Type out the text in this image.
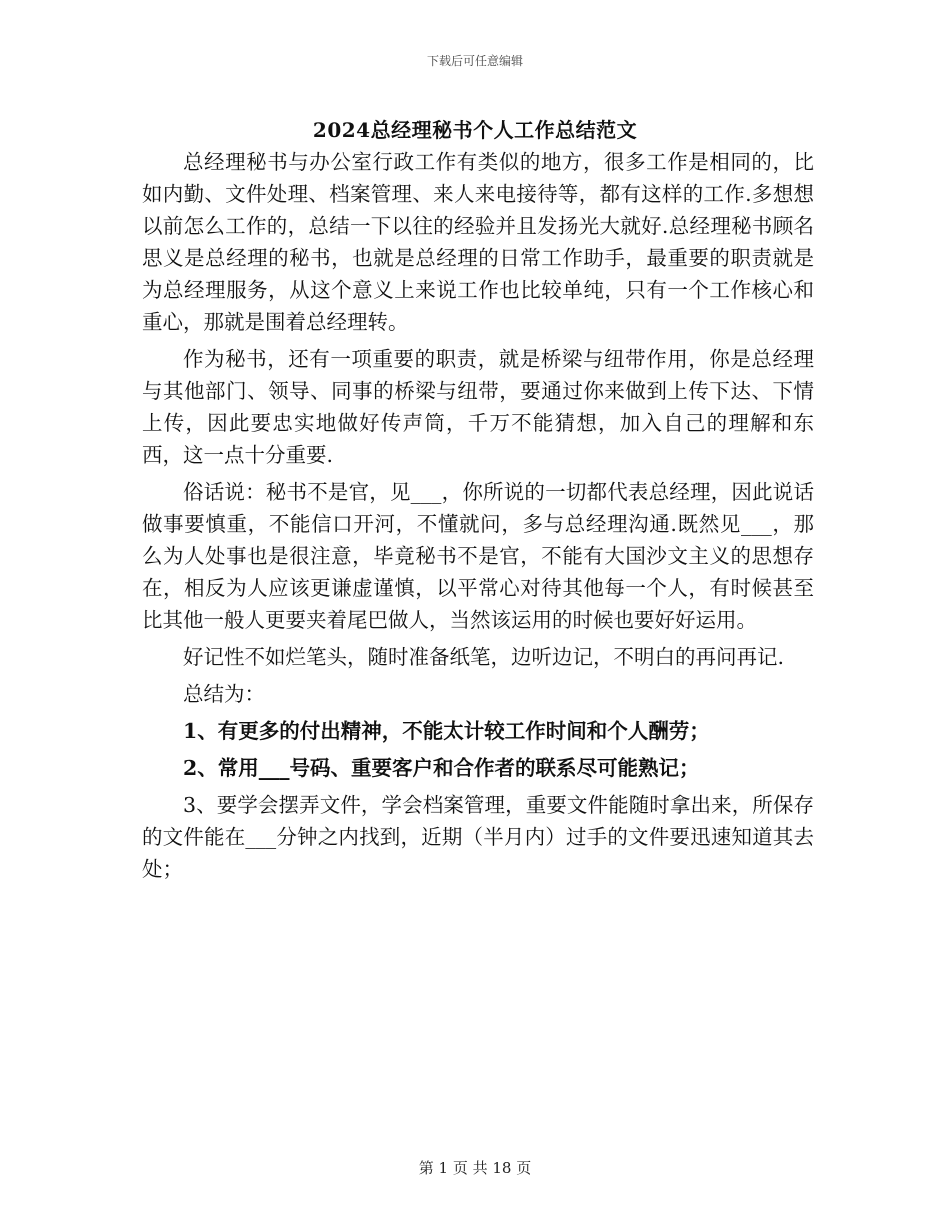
下载后可任意编辑
2024总经理秘书个人工作总结范文

总经理秘书与办公室行政工作有类似的地方，很多工作是相同的，比如内勤、文件处理、档案管理、来人来电接待等，都有这样的工作.多想想以前怎么工作的，总结一下以往的经验并且发扬光大就好.总经理秘书顾名思义是总经理的秘书，也就是总经理的日常工作助手，最重要的职责就是为总经理服务，从这个意义上来说工作也比较单纯，只有一个工作核心和重心，那就是围着总经理转。

作为秘书，还有一项重要的职责，就是桥梁与纽带作用，你是总经理与其他部门、领导、同事的桥梁与纽带，要通过你来做到上传下达、下情上传，因此要忠实地做好传声筒，千万不能猜想，加入自己的理解和东西，这一点十分重要.

俗话说：秘书不是官，见___，你所说的一切都代表总经理，因此说话做事要慎重，不能信口开河，不懂就问，多与总经理沟通.既然见___，那么为人处事也是很注意，毕竟秘书不是官，不能有大国沙文主义的思想存在，相反为人应该更谦虚谨慎，以平常心对待其他每一个人，有时候甚至比其他一般人更要夹着尾巴做人，当然该运用的时候也要好好运用。

好记性不如烂笔头，随时准备纸笔，边听边记，不明白的再问再记.

总结为：

1、有更多的付出精神，不能太计较工作时间和个人酬劳；

2、常用___号码、重要客户和合作者的联系尽可能熟记；

3、要学会摆弄文件，学会档案管理，重要文件能随时拿出来，所保存的文件能在___分钟之内找到，近期（半月内）过手的文件要迅速知道其去处；

第 1 页 共 18 页
